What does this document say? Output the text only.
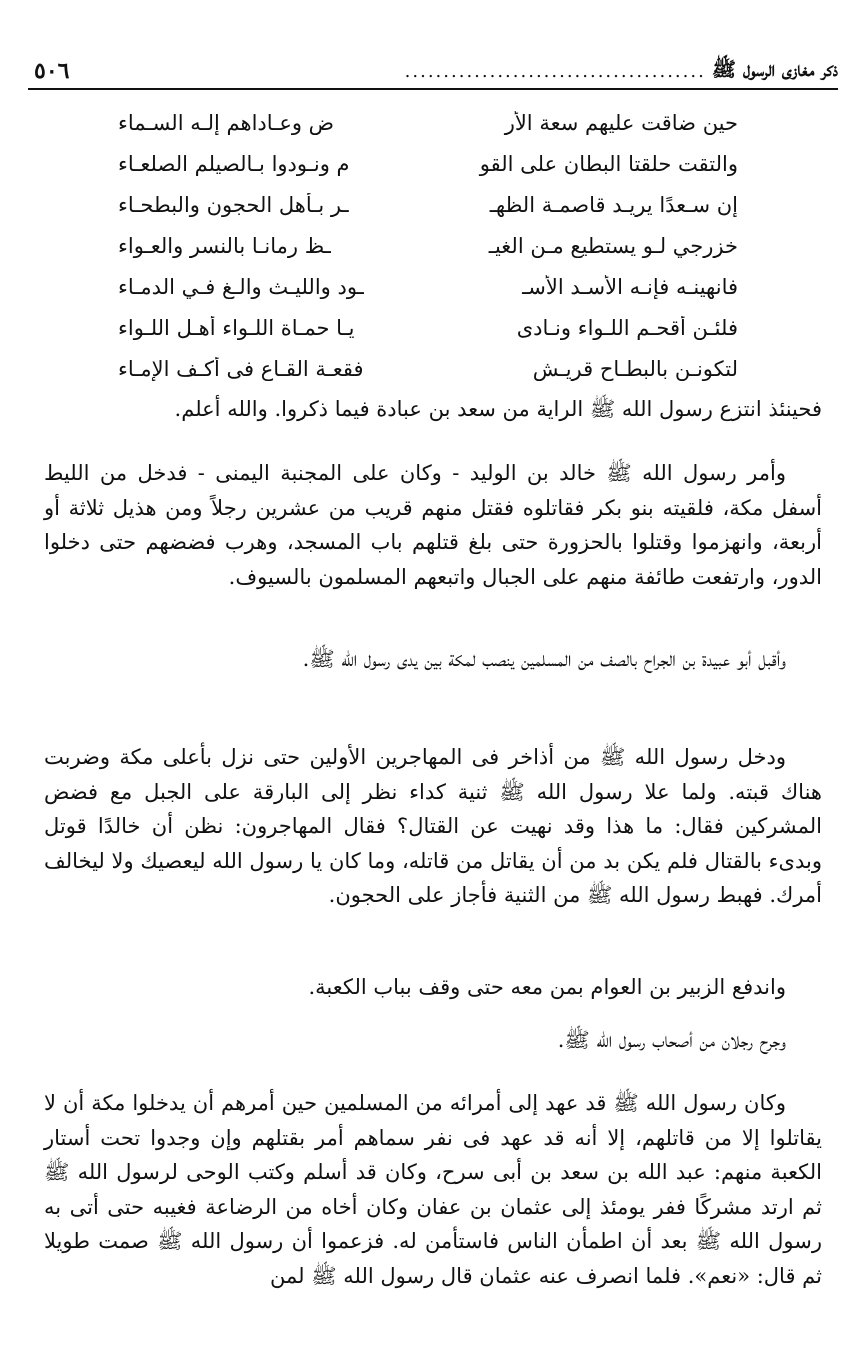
٥٠٦	....................................... ذكر مغازى الرسول ﷺ
حين ضاقت عليهم سعة الأر
ض وعـاداهم إلـه السـماء
والتقت حلقتا البطان على القو
م ونـودوا بـالصيلم الصلعـاء
إن سـعدًا يريـد قاصمـة الظهـ
ـر بـأهل الحجون والبطحـاء
خزرجي لـو يستطيع مـن الغيـ
ـظ رمانـا بالنسر والعـواء
فانهينـه فإنـه الأسـد الأسـ
ـود والليـث والـغ فـي الدمـاء
فلئـن أقحـم اللـواء ونـادى
يـا حمـاة اللـواء أهـل اللـواء
لتكونـن بالبطـاح قريـش
فقعـة القـاع فى أكـف الإمـاء

فحينئذ انتزع رسول الله ﷺ الراية من سعد بن عبادة فيما ذكروا. والله أعلم.

وأمر رسول الله ﷺ خالد بن الوليد - وكان على المجنبة اليمنى - فدخل من الليط أسفل مكة، فلقيته بنو بكر فقاتلوه فقتل منهم قريب من عشرين رجلاً ومن هذيل ثلاثة أو أربعة، وانهزموا وقتلوا بالحزورة حتى بلغ قتلهم باب المسجد، وهرب فضضهم حتى دخلوا الدور، وارتفعت طائفة منهم على الجبال واتبعهم المسلمون بالسيوف.

وأقبل أبو عبيدة بن الجراح بالصف من المسلمين ينصب لمكة بين يدى رسول الله ﷺ.

ودخل رسول الله ﷺ من أذاخر فى المهاجرين الأولين حتى نزل بأعلى مكة وضربت هناك قبته. ولما علا رسول الله ﷺ ثنية كداء نظر إلى البارقة على الجبل مع فضض المشركين فقال: ما هذا وقد نهيت عن القتال؟ فقال المهاجرون: نظن أن خالدًا قوتل وبدىء بالقتال فلم يكن بد من أن يقاتل من قاتله، وما كان يا رسول الله ليعصيك ولا ليخالف أمرك. فهبط رسول الله ﷺ من الثنية فأجاز على الحجون.

واندفع الزبير بن العوام بمن معه حتى وقف بباب الكعبة.

وجرح رجلان من أصحاب رسول الله ﷺ.

وكان رسول الله ﷺ قد عهد إلى أمرائه من المسلمين حين أمرهم أن يدخلوا مكة أن لا يقاتلوا إلا من قاتلهم، إلا أنه قد عهد فى نفر سماهم أمر بقتلهم وإن وجدوا تحت أستار الكعبة منهم: عبد الله بن سعد بن أبى سرح، وكان قد أسلم وكتب الوحى لرسول الله ﷺ ثم ارتد مشركًا ففر يومئذ إلى عثمان بن عفان وكان أخاه من الرضاعة فغيبه حتى أتى به رسول الله ﷺ بعد أن اطمأن الناس فاستأمن له. فزعموا أن رسول الله ﷺ صمت طويلا ثم قال: «نعم». فلما انصرف عنه عثمان قال رسول الله ﷺ لمن
